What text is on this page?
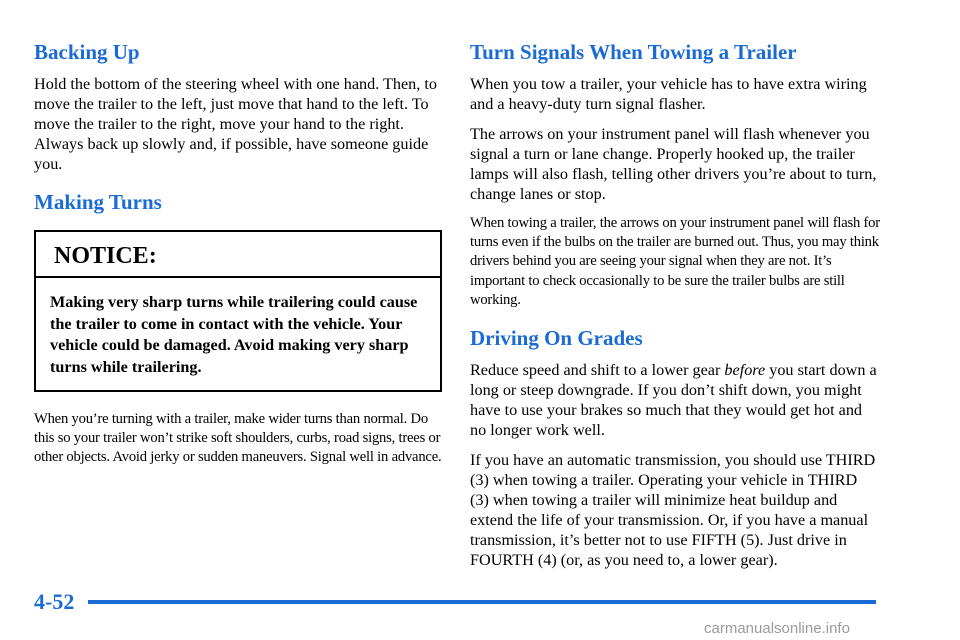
Backing Up

Hold the bottom of the steering wheel with one hand. Then, to move the trailer to the left, just move that hand to the left. To move the trailer to the right, move your hand to the right. Always back up slowly and, if possible, have someone guide you.

Making Turns
NOTICE:
Making very sharp turns while trailering could cause the trailer to come in contact with the vehicle. Your vehicle could be damaged. Avoid making very sharp turns while trailering.

When you’re turning with a trailer, make wider turns than normal. Do this so your trailer won’t strike soft shoulders, curbs, road signs, trees or other objects. Avoid jerky or sudden maneuvers. Signal well in advance.

Turn Signals When Towing a Trailer

When you tow a trailer, your vehicle has to have extra wiring and a heavy-duty turn signal flasher.

The arrows on your instrument panel will flash whenever you signal a turn or lane change. Properly hooked up, the trailer lamps will also flash, telling other drivers you’re about to turn, change lanes or stop.

When towing a trailer, the arrows on your instrument panel will flash for turns even if the bulbs on the trailer are burned out. Thus, you may think drivers behind you are seeing your signal when they are not. It’s important to check occasionally to be sure the trailer bulbs are still working.

Driving On Grades

Reduce speed and shift to a lower gear before you start down a long or steep downgrade. If you don’t shift down, you might have to use your brakes so much that they would get hot and no longer work well.

If you have an automatic transmission, you should use THIRD (3) when towing a trailer. Operating your vehicle in THIRD (3) when towing a trailer will minimize heat buildup and extend the life of your transmission. Or, if you have a manual transmission, it’s better not to use FIFTH (5). Just drive in FOURTH (4) (or, as you need to, a lower gear).

4-52
carmanualsonline.info
